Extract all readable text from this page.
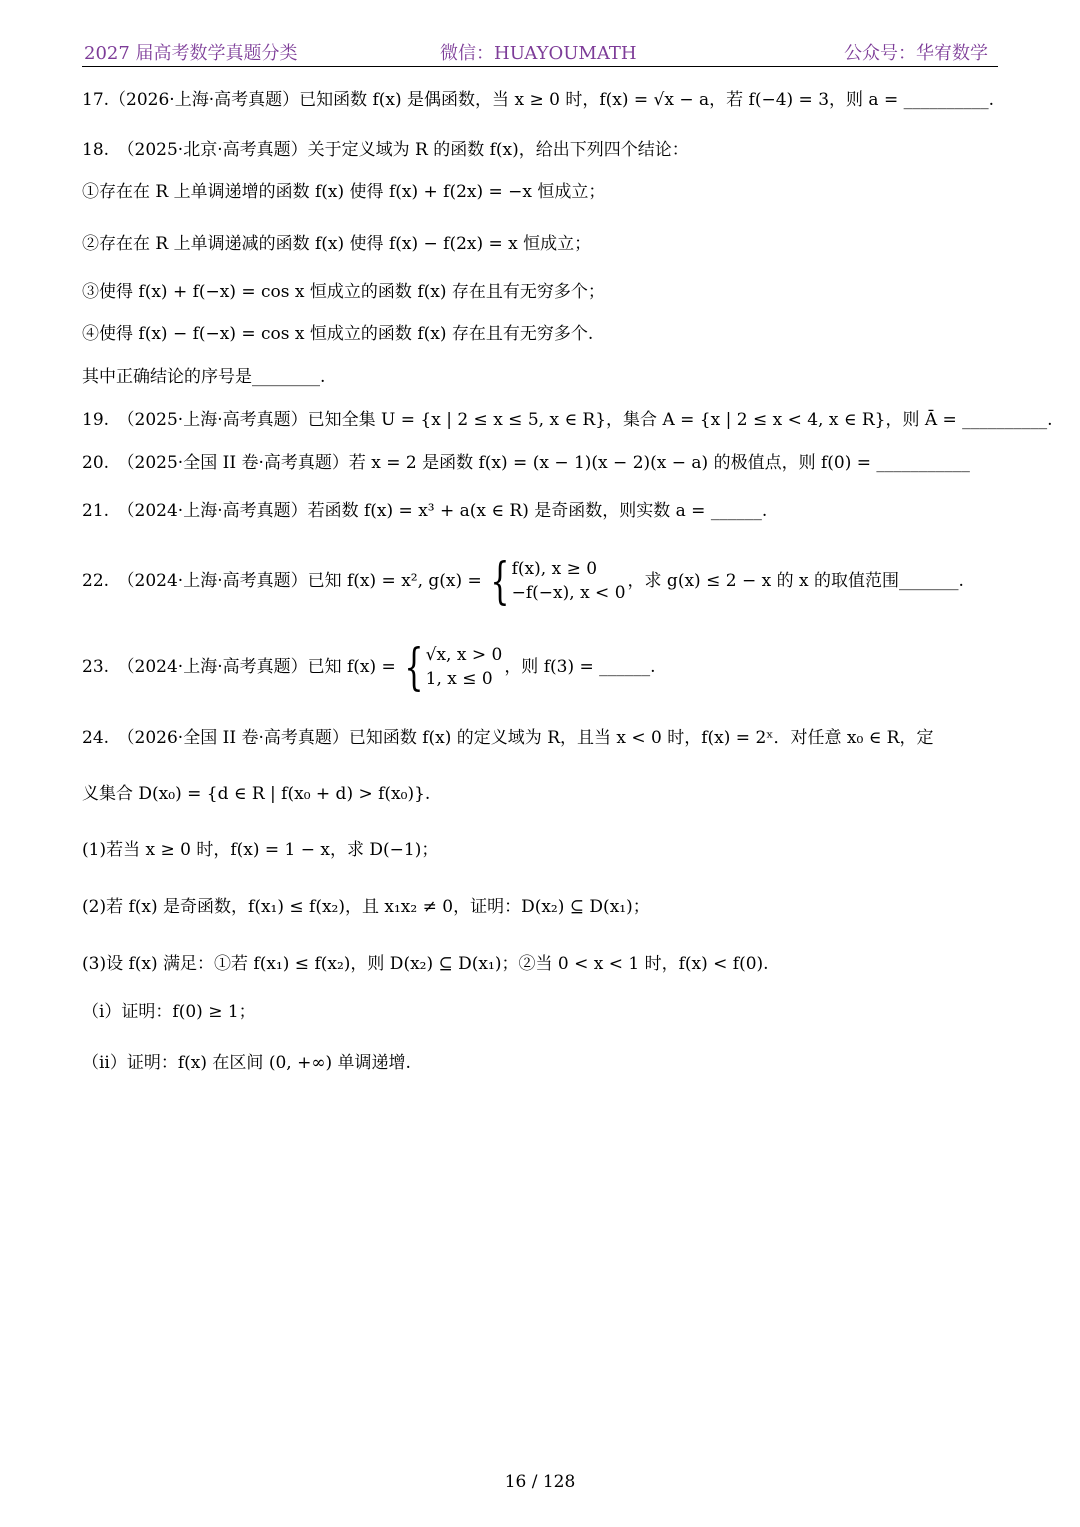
2027 届高考数学真题分类	微信：HUAYOUMATH	公众号：华宥数学
17.（2026·上海·高考真题）已知函数 f(x) 是偶函数，当 x ≥ 0 时，f(x) = √x − a，若 f(−4) = 3，则 a = __________.
18.　（2025·北京·高考真题）关于定义域为 R 的函数 f(x)，给出下列四个结论：
①存在在 R 上单调递增的函数 f(x) 使得 f(x) + f(2x) = −x 恒成立；
②存在在 R 上单调递减的函数 f(x) 使得 f(x) − f(2x) = x 恒成立；
③使得 f(x) + f(−x) = cos x 恒成立的函数 f(x) 存在且有无穷多个；
④使得 f(x) − f(−x) = cos x 恒成立的函数 f(x) 存在且有无穷多个.
其中正确结论的序号是________.
19.　（2025·上海·高考真题）已知全集 U = {x | 2 ≤ x ≤ 5, x ∈ R}，集合 A = {x | 2 ≤ x < 4, x ∈ R}，则 Ā = __________.
20.　（2025·全国 II 卷·高考真题）若 x = 2 是函数 f(x) = (x − 1)(x − 2)(x − a) 的极值点，则 f(0) = ___________
21.　（2024·上海·高考真题）若函数 f(x) = x³ + a(x ∈ R) 是奇函数，则实数 a = ______.
24.　（2026·全国 II 卷·高考真题）已知函数 f(x) 的定义域为 R，且当 x < 0 时，f(x) = 2ˣ．对任意 x₀ ∈ R，定
义集合 D(x₀) = {d ∈ R | f(x₀ + d) > f(x₀)}.
(1)若当 x ≥ 0 时，f(x) = 1 − x，求 D(−1)；
(2)若 f(x) 是奇函数，f(x₁) ≤ f(x₂)，且 x₁x₂ ≠ 0，证明：D(x₂) ⊆ D(x₁)；
(3)设 f(x) 满足：①若 f(x₁) ≤ f(x₂)，则 D(x₂) ⊆ D(x₁)；②当 0 < x < 1 时，f(x) < f(0).
（i）证明：f(0) ≥ 1；
（ii）证明：f(x) 在区间 (0, +∞) 单调递增.
22.　（2024·上海·高考真题）已知 f(x) = x², g(x) = { f(x), x ≥ 0
−f(−x), x < 0
，求 g(x) ≤ 2 − x 的 x 的取值范围_______.
23.　（2024·上海·高考真题）已知 f(x) = { √x, x > 0
1, x ≤ 0
，则 f(3) = ______.
16 / 128
